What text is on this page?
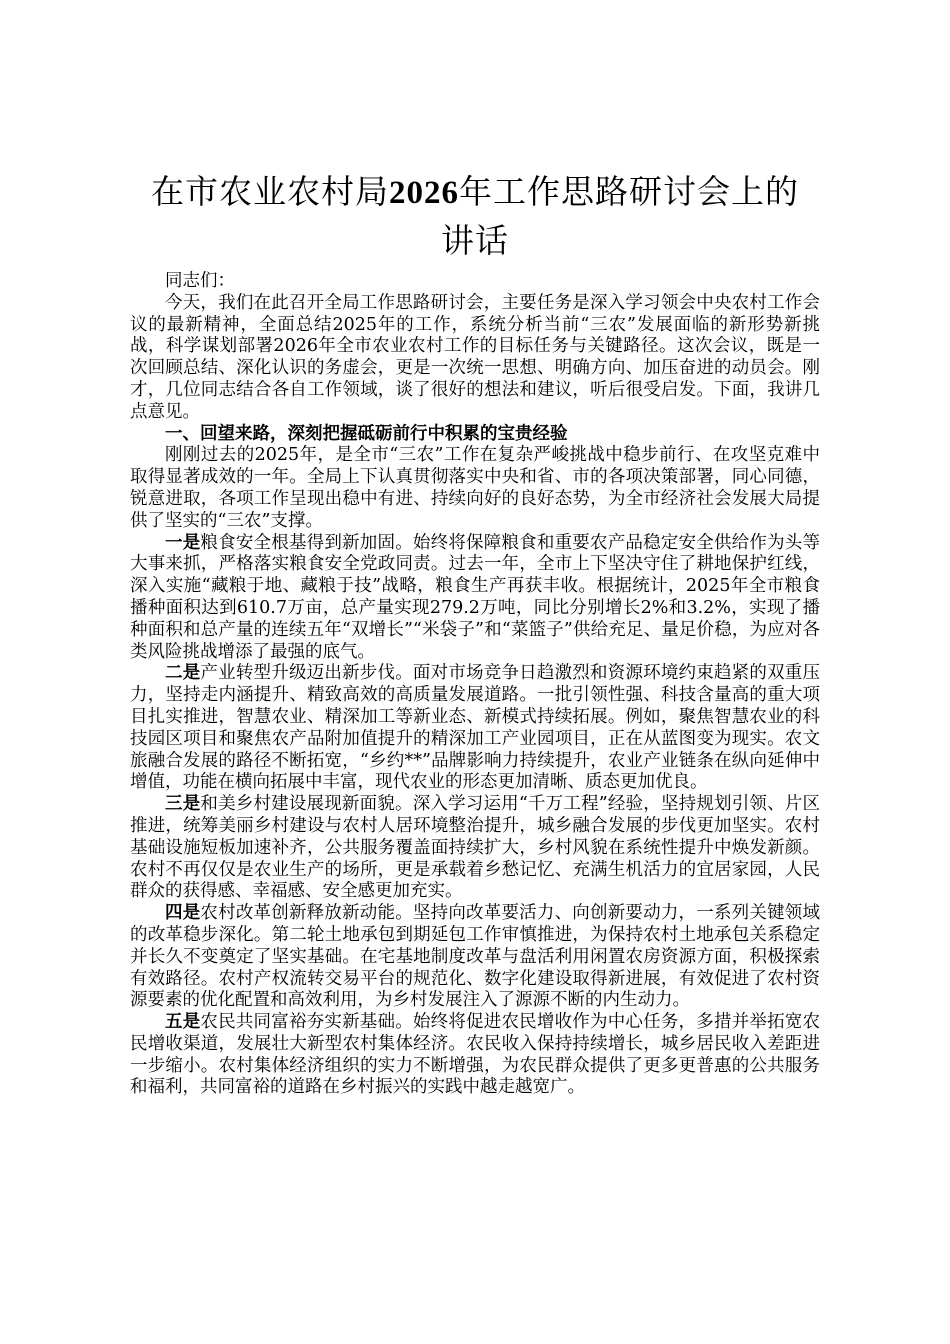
在市农业农村局2026年工作思路研讨会上的
讲话

同志们：

今天，我们在此召开全局工作思路研讨会，主要任务是深入学习领会中央农村工作会议的最新精神，全面总结2025年的工作，系统分析当前“三农”发展面临的新形势新挑战，科学谋划部署2026年全市农业农村工作的目标任务与关键路径。这次会议，既是一次回顾总结、深化认识的务虚会，更是一次统一思想、明确方向、加压奋进的动员会。刚才，几位同志结合各自工作领域，谈了很好的想法和建议，听后很受启发。下面，我讲几点意见。

一、回望来路，深刻把握砥砺前行中积累的宝贵经验

刚刚过去的2025年，是全市“三农”工作在复杂严峻挑战中稳步前行、在攻坚克难中取得显著成效的一年。全局上下认真贯彻落实中央和省、市的各项决策部署，同心同德，锐意进取，各项工作呈现出稳中有进、持续向好的良好态势，为全市经济社会发展大局提供了坚实的“三农”支撑。

一是粮食安全根基得到新加固。始终将保障粮食和重要农产品稳定安全供给作为头等大事来抓，严格落实粮食安全党政同责。过去一年，全市上下坚决守住了耕地保护红线，深入实施“藏粮于地、藏粮于技”战略，粮食生产再获丰收。根据统计，2025年全市粮食播种面积达到610.7万亩，总产量实现279.2万吨，同比分别增长2%和3.2%，实现了播种面积和总产量的连续五年“双增长”“米袋子”和“菜篮子”供给充足、量足价稳，为应对各类风险挑战增添了最强的底气。

二是产业转型升级迈出新步伐。面对市场竞争日趋激烈和资源环境约束趋紧的双重压力，坚持走内涵提升、精致高效的高质量发展道路。一批引领性强、科技含量高的重大项目扎实推进，智慧农业、精深加工等新业态、新模式持续拓展。例如，聚焦智慧农业的科技园区项目和聚焦农产品附加值提升的精深加工产业园项目，正在从蓝图变为现实。农文旅融合发展的路径不断拓宽，“乡约**”品牌影响力持续提升，农业产业链条在纵向延伸中增值，功能在横向拓展中丰富，现代农业的形态更加清晰、质态更加优良。

三是和美乡村建设展现新面貌。深入学习运用“千万工程”经验，坚持规划引领、片区推进，统筹美丽乡村建设与农村人居环境整治提升，城乡融合发展的步伐更加坚实。农村基础设施短板加速补齐，公共服务覆盖面持续扩大，乡村风貌在系统性提升中焕发新颜。农村不再仅仅是农业生产的场所，更是承载着乡愁记忆、充满生机活力的宜居家园，人民群众的获得感、幸福感、安全感更加充实。

四是农村改革创新释放新动能。坚持向改革要活力、向创新要动力，一系列关键领域的改革稳步深化。第二轮土地承包到期延包工作审慎推进，为保持农村土地承包关系稳定并长久不变奠定了坚实基础。在宅基地制度改革与盘活利用闲置农房资源方面，积极探索有效路径。农村产权流转交易平台的规范化、数字化建设取得新进展，有效促进了农村资源要素的优化配置和高效利用，为乡村发展注入了源源不断的内生动力。

五是农民共同富裕夯实新基础。始终将促进农民增收作为中心任务，多措并举拓宽农民增收渠道，发展壮大新型农村集体经济。农民收入保持持续增长，城乡居民收入差距进一步缩小。农村集体经济组织的实力不断增强，为农民群众提供了更多更普惠的公共服务和福利，共同富裕的道路在乡村振兴的实践中越走越宽广。
